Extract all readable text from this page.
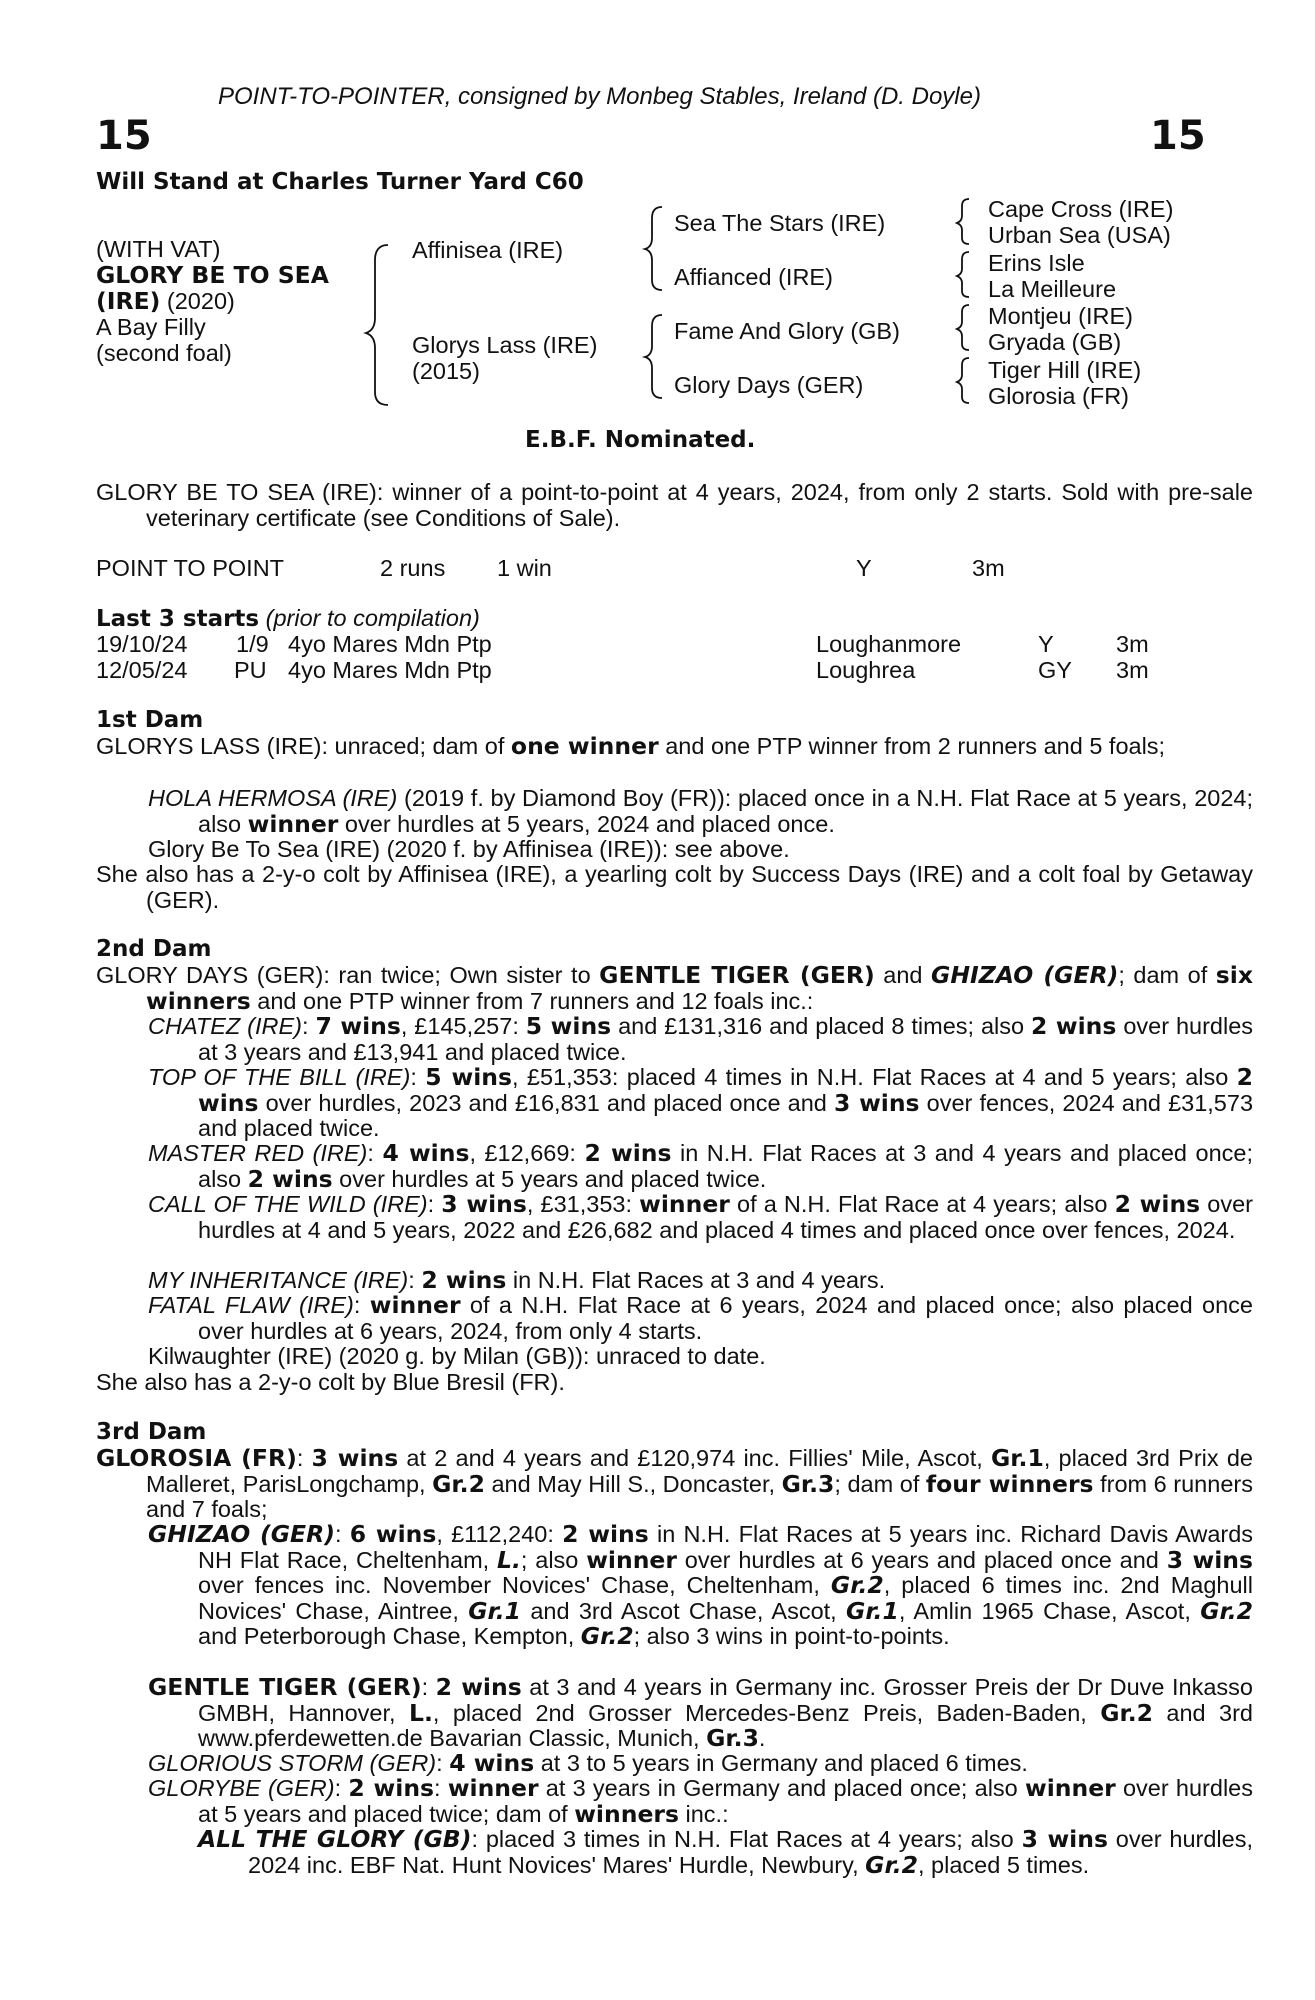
POINT-TO-POINTER, consigned by Monbeg Stables, Ireland (D. Doyle)
15	15
Will Stand at Charles Turner Yard C60
(WITH VAT)
GLORY BE TO SEA
(IRE) (2020)
A Bay Filly
(second foal)
Affinisea (IRE)
Glorys Lass (IRE)
(2015)
Sea The Stars (IRE)
Affianced (IRE)
Fame And Glory (GB)
Glory Days (GER)
Cape Cross (IRE)
Urban Sea (USA)
Erins Isle
La Meilleure
Montjeu (IRE)
Gryada (GB)
Tiger Hill (IRE)
Glorosia (FR)
E.B.F. Nominated.
GLORY BE TO SEA (IRE): winner of a point-to-point at 4 years, 2024, from only 2 starts. Sold with pre-sale veterinary certificate (see Conditions of Sale).
POINT TO POINT	2 runs 1 win	Y	3m
Last 3 starts (prior to compilation)
19/10/24 1/9 4yo Mares Mdn Ptp	Loughanmore	Y	3m
12/05/24 PU 4yo Mares Mdn Ptp	Loughrea	GY 3m
1st Dam
GLORYS LASS (IRE): unraced; dam of one winner and one PTP winner from 2 runners and 5 foals;
HOLA HERMOSA (IRE) (2019 f. by Diamond Boy (FR)): placed once in a N.H. Flat Race at 5 years, 2024; also winner over hurdles at 5 years, 2024 and placed once.
Glory Be To Sea (IRE) (2020 f. by Affinisea (IRE)): see above.
She also has a 2-y-o colt by Affinisea (IRE), a yearling colt by Success Days (IRE) and a colt foal by Getaway (GER).
2nd Dam
GLORY DAYS (GER): ran twice; Own sister to GENTLE TIGER (GER) and GHIZAO (GER); dam of six winners and one PTP winner from 7 runners and 12 foals inc.:
CHATEZ (IRE): 7 wins, £145,257: 5 wins and £131,316 and placed 8 times; also 2 wins over hurdles at 3 years and £13,941 and placed twice.
TOP OF THE BILL (IRE): 5 wins, £51,353: placed 4 times in N.H. Flat Races at 4 and 5 years; also 2 wins over hurdles, 2023 and £16,831 and placed once and 3 wins over fences, 2024 and £31,573 and placed twice.
MASTER RED (IRE): 4 wins, £12,669: 2 wins in N.H. Flat Races at 3 and 4 years and placed once; also 2 wins over hurdles at 5 years and placed twice.
CALL OF THE WILD (IRE): 3 wins, £31,353: winner of a N.H. Flat Race at 4 years; also 2 wins over hurdles at 4 and 5 years, 2022 and £26,682 and placed 4 times and placed once over fences, 2024.
MY INHERITANCE (IRE): 2 wins in N.H. Flat Races at 3 and 4 years.
FATAL FLAW (IRE): winner of a N.H. Flat Race at 6 years, 2024 and placed once; also placed once over hurdles at 6 years, 2024, from only 4 starts.
Kilwaughter (IRE) (2020 g. by Milan (GB)): unraced to date.
She also has a 2-y-o colt by Blue Bresil (FR).
3rd Dam
GLOROSIA (FR): 3 wins at 2 and 4 years and £120,974 inc. Fillies' Mile, Ascot, Gr.1, placed 3rd Prix de Malleret, ParisLongchamp, Gr.2 and May Hill S., Doncaster, Gr.3; dam of four winners from 6 runners and 7 foals;
GHIZAO (GER): 6 wins, £112,240: 2 wins in N.H. Flat Races at 5 years inc. Richard Davis Awards NH Flat Race, Cheltenham, L.; also winner over hurdles at 6 years and placed once and 3 wins over fences inc. November Novices' Chase, Cheltenham, Gr.2, placed 6 times inc. 2nd Maghull Novices' Chase, Aintree, Gr.1 and 3rd Ascot Chase, Ascot, Gr.1, Amlin 1965 Chase, Ascot, Gr.2 and Peterborough Chase, Kempton, Gr.2; also 3 wins in point-to-points.
GENTLE TIGER (GER): 2 wins at 3 and 4 years in Germany inc. Grosser Preis der Dr Duve Inkasso GMBH, Hannover, L., placed 2nd Grosser Mercedes-Benz Preis, Baden-Baden, Gr.2 and 3rd www.pferdewetten.de Bavarian Classic, Munich, Gr.3.
GLORIOUS STORM (GER): 4 wins at 3 to 5 years in Germany and placed 6 times.
GLORYBE (GER): 2 wins: winner at 3 years in Germany and placed once; also winner over hurdles at 5 years and placed twice; dam of winners inc.:
ALL THE GLORY (GB): placed 3 times in N.H. Flat Races at 4 years; also 3 wins over hurdles, 2024 inc. EBF Nat. Hunt Novices' Mares' Hurdle, Newbury, Gr.2, placed 5 times.
